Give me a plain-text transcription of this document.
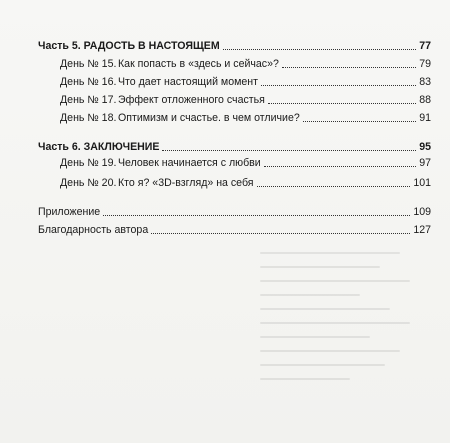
Часть 5. РАДОСТЬ В НАСТОЯЩЕМ	77
День № 15. Как попасть в «здесь и сейчас»?	79
День № 16. Что дает настоящий момент	83
День № 17. Эффект отложенного счастья	88
День № 18. Оптимизм и счастье. в чем отличие?	91
Часть 6. ЗАКЛЮЧЕНИЕ	95
День № 19. Человек начинается с любви	97
День № 20. Кто я? «3D-взгляд» на себя	101
Приложение	109
Благодарность автора	127
